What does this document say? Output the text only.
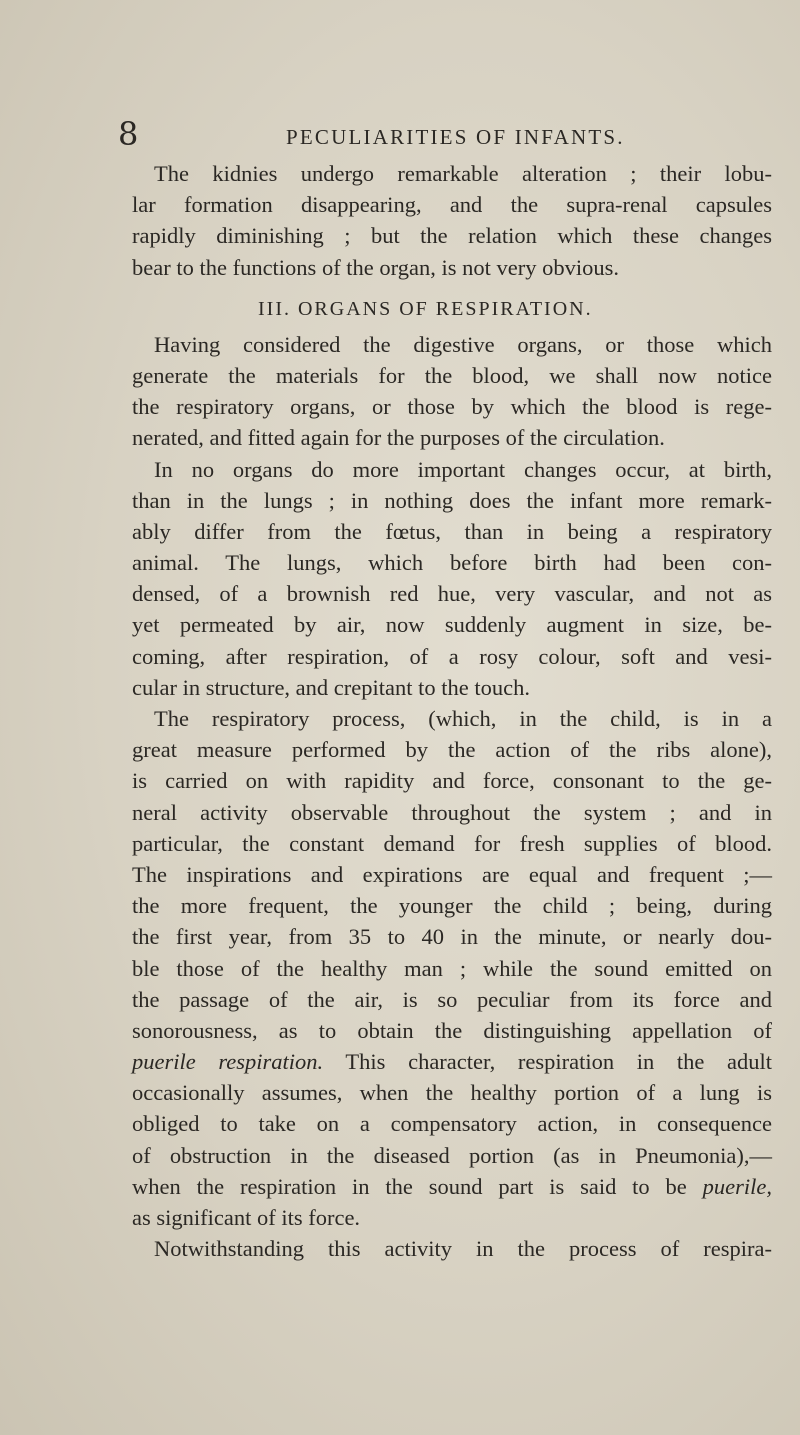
8	PECULIARITIES OF INFANTS.
The kidnies undergo remarkable alteration ; their lobu-
lar formation disappearing, and the supra-renal capsules
rapidly diminishing ; but the relation which these changes
bear to the functions of the organ, is not very obvious.
III. ORGANS OF RESPIRATION.
Having considered the digestive organs, or those which
generate the materials for the blood, we shall now notice
the respiratory organs, or those by which the blood is rege-
nerated, and fitted again for the purposes of the circulation.
In no organs do more important changes occur, at birth,
than in the lungs ; in nothing does the infant more remark-
ably differ from the fœtus, than in being a respiratory
animal. The lungs, which before birth had been con-
densed, of a brownish red hue, very vascular, and not as
yet permeated by air, now suddenly augment in size, be-
coming, after respiration, of a rosy colour, soft and vesi-
cular in structure, and crepitant to the touch.
The respiratory process, (which, in the child, is in a
great measure performed by the action of the ribs alone),
is carried on with rapidity and force, consonant to the ge-
neral activity observable throughout the system ; and in
particular, the constant demand for fresh supplies of blood.
The inspirations and expirations are equal and frequent ;—
the more frequent, the younger the child ; being, during
the first year, from 35 to 40 in the minute, or nearly dou-
ble those of the healthy man ; while the sound emitted on
the passage of the air, is so peculiar from its force and
sonorousness, as to obtain the distinguishing appellation of
puerile respiration. This character, respiration in the adult
occasionally assumes, when the healthy portion of a lung is
obliged to take on a compensatory action, in consequence
of obstruction in the diseased portion (as in Pneumonia),—
when the respiration in the sound part is said to be puerile,
as significant of its force.
Notwithstanding this activity in the process of respira-
